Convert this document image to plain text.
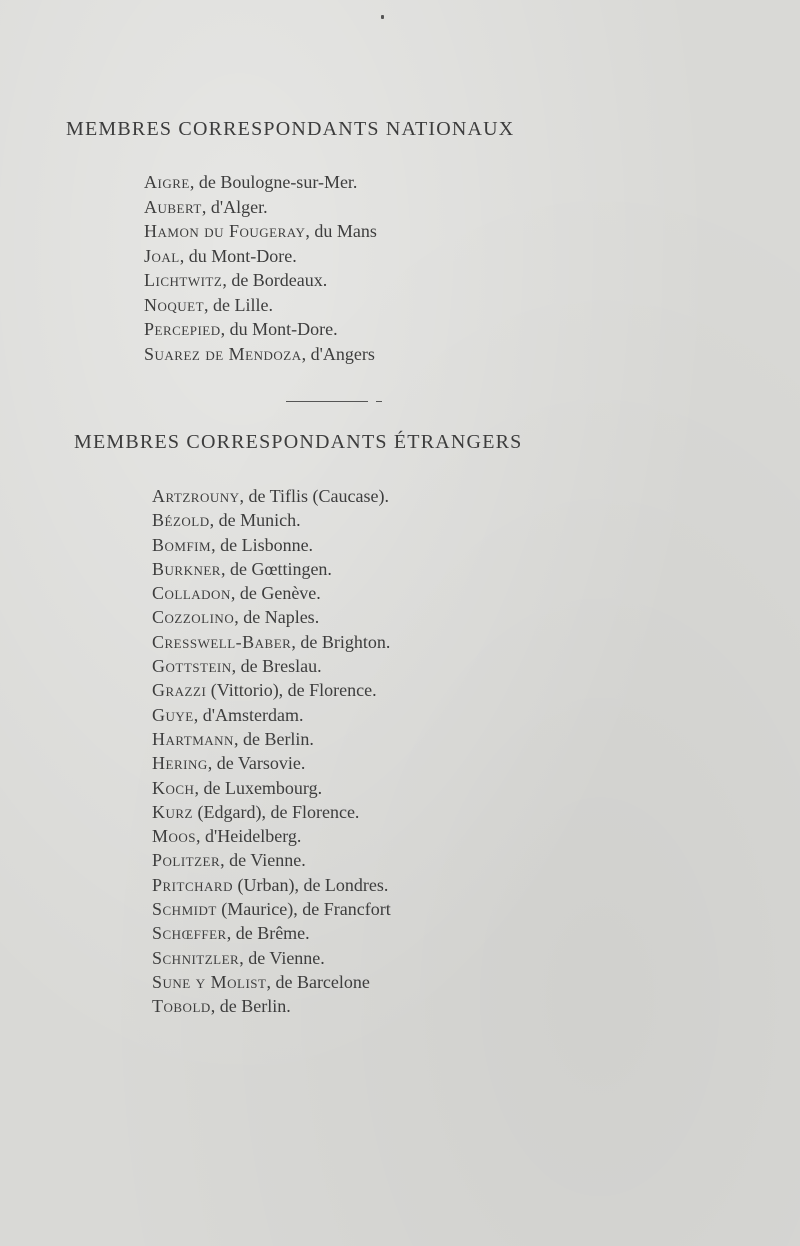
MEMBRES CORRESPONDANTS NATIONAUX
Aigre, de Boulogne-sur-Mer.
Aubert, d'Alger.
Hamon du Fougeray, du Mans
Joal, du Mont-Dore.
Lichtwitz, de Bordeaux.
Noquet, de Lille.
Percepied, du Mont-Dore.
Suarez de Mendoza, d'Angers
MEMBRES CORRESPONDANTS ÉTRANGERS
Artzrouny, de Tiflis (Caucase).
Bézold, de Munich.
Bomfim, de Lisbonne.
Burkner, de Gœttingen.
Colladon, de Genève.
Cozzolino, de Naples.
Cresswell-Baber, de Brighton.
Gottstein, de Breslau.
Grazzi (Vittorio), de Florence.
Guye, d'Amsterdam.
Hartmann, de Berlin.
Hering, de Varsovie.
Koch, de Luxembourg.
Kurz (Edgard), de Florence.
Moos, d'Heidelberg.
Politzer, de Vienne.
Pritchard (Urban), de Londres.
Schmidt (Maurice), de Francfort
Schœffer, de Brême.
Schnitzler, de Vienne.
Sune y Molist, de Barcelone
Tobold, de Berlin.
